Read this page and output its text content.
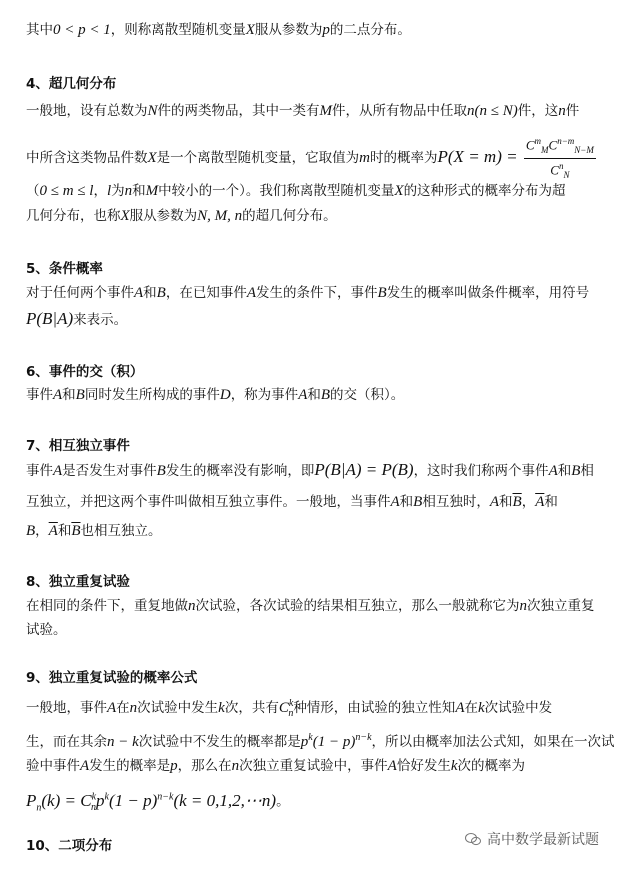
其中0 < p < 1，则称离散型随机变量X服从参数为p的二点分布。
4、超几何分布
一般地，设有总数为N件的两类物品，其中一类有M件，从所有物品中任取n(n ≤ N)件，这n件
中所含这类物品件数X是一个离散型随机变量，它取值为m时的概率为$P(X = m) = \frac{C^m_MC^{n-m}_{N-M}}{C^n_N}$
（0 ≤ m ≤ l，l为n和M中较小的一个）。我们称离散型随机变量X的这种形式的概率分布为超
几何分布，也称X服从参数为N, M, n的超几何分布。
5、条件概率
对于任何两个事件A和B，在已知事件A发生的条件下，事件B发生的概率叫做条件概率，用符号
P(B|A)来表示。
6、事件的交（积）
事件A和B同时发生所构成的事件D，称为事件A和B的交（积）。
7、相互独立事件
事件A是否发生对事件B发生的概率没有影响，即P(B|A) = P(B)，这时我们称两个事件A和B相
互独立，并把这两个事件叫做相互独立事件。一般地，当事件A和B相互独时，A和$\overline{B}$，$\overline{A}$和
B，$\overline{A}$和$\overline{B}$也相互独立。
8、独立重复试验
在相同的条件下，重复地做n次试验，各次试验的结果相互独立，那么一般就称它为n次独立重复
试验。
9、独立重复试验的概率公式
一般地，事件A在n次试验中发生k次，共有$C^k_n$种情形，由试验的独立性知A在k次试验中发
生，而在其余n − k次试验中不发生的概率都是$p^k(1 - p)^{n-k}$，所以由概率加法公式知，如果在一次试
验中事件A发生的概率是p，那么在n次独立重复试验中，事件A恰好发生k次的概率为
$P_n(k) = C^k_np^k(1 - p)^{n-k}(k$ = 0,1,2,⋯n)。
10、二项分布	高中数学最新试题
